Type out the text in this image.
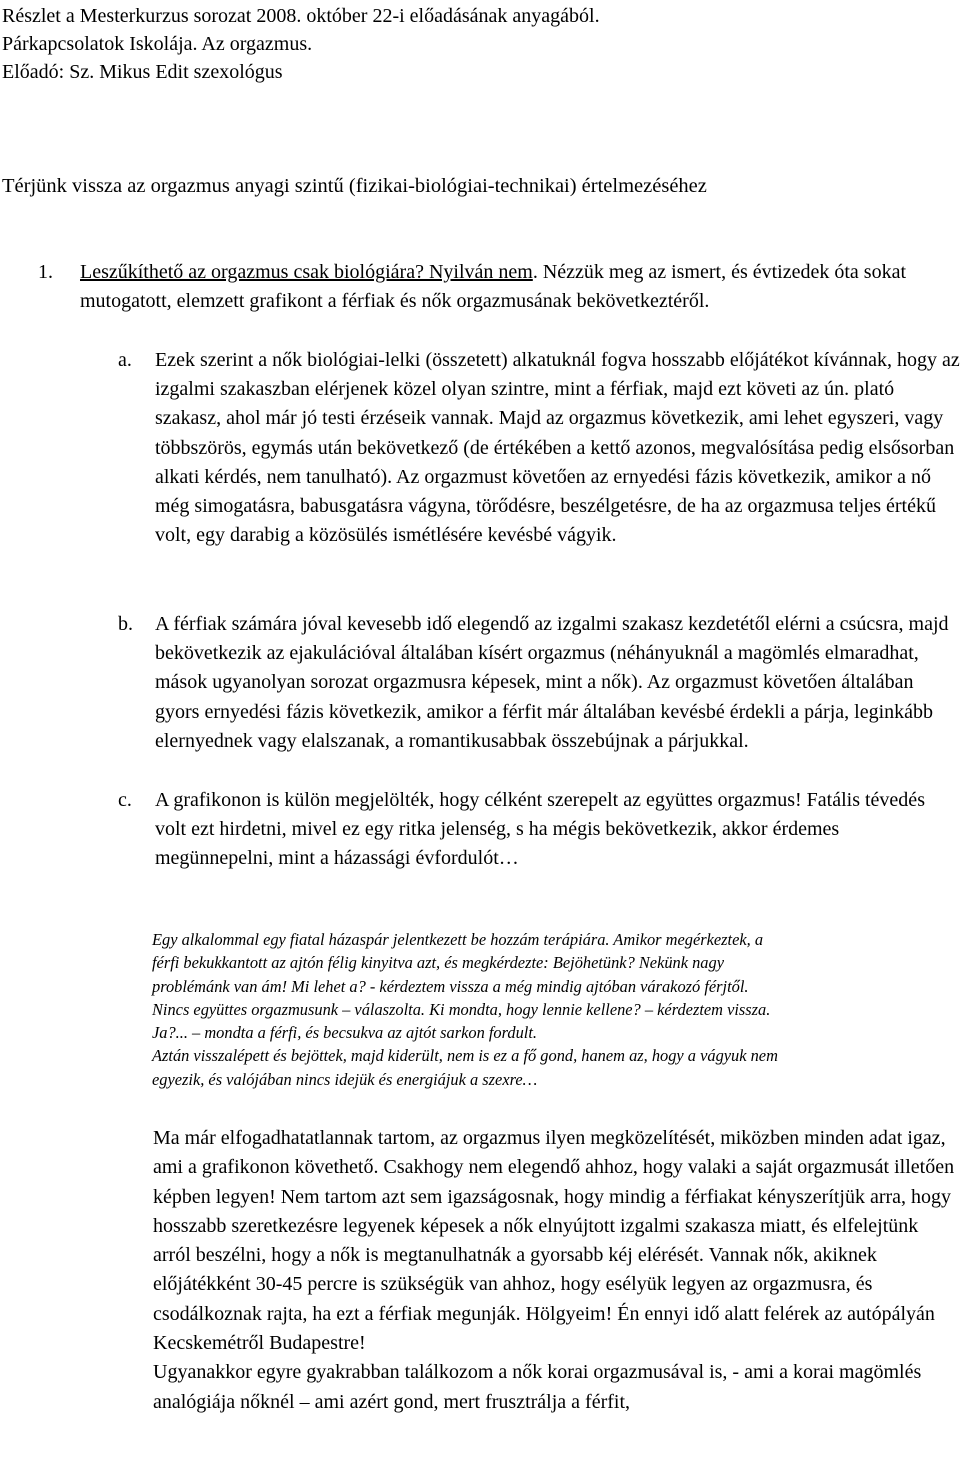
Részlet a Mesterkurzus sorozat 2008. október 22-i előadásának anyagából.
Párkapcsolatok Iskolája. Az orgazmus.
Előadó: Sz. Mikus Edit szexológus
Térjünk vissza az orgazmus anyagi szintű (fizikai-biológiai-technikai) értelmezéséhez
1. Leszűkíthető az orgazmus csak biológiára? Nyilván nem. Nézzük meg az ismert, és évtizedek óta sokat mutogatott, elemzett grafikont a férfiak és nők orgazmusának bekövetkeztéről.
a. Ezek szerint a nők biológiai-lelki (összetett) alkatuknál fogva hosszabb előjátékot kívánnak, hogy az izgalmi szakaszban elérjenek közel olyan szintre, mint a férfiak, majd ezt követi az ún. plató szakasz, ahol már jó testi érzéseik vannak. Majd az orgazmus következik, ami lehet egyszeri, vagy többszörös, egymás után bekövetkező (de értékében a kettő azonos, megvalósítása pedig elsősorban alkati kérdés, nem tanulható). Az orgazmust követően az ernyedési fázis következik, amikor a nő még simogatásra, babusgatásra vágyna, törődésre, beszélgetésre, de ha az orgazmusa teljes értékű volt, egy darabig a közösülés ismétlésére kevésbé vágyik.
b. A férfiak számára jóval kevesebb idő elegendő az izgalmi szakasz kezdetétől elérni a csúcsra, majd bekövetkezik az ejakulációval általában kísért orgazmus (néhányuknál a magömlés elmaradhat, mások ugyanolyan sorozat orgazmusra képesek, mint a nők). Az orgazmust követően általában gyors ernyedési fázis következik, amikor a férfit már általában kevésbé érdekli a párja, leginkább elernyednek vagy elalszanak, a romantikusabbak összebújnak a párjukkal.
c. A grafikonon is külön megjelölték, hogy célként szerepelt az együttes orgazmus! Fatális tévedés volt ezt hirdetni, mivel ez egy ritka jelenség, s ha mégis bekövetkezik, akkor érdemes megünnepelni, mint a házassági évfordulót…
Egy alkalommal egy fiatal házaspár jelentkezett be hozzám terápiára. Amikor megérkeztek, a
férfi bekukkantott az ajtón félig kinyitva azt, és megkérdezte: Bejöhetünk? Nekünk nagy
problémánk van ám! Mi lehet a? - kérdeztem vissza a még mindig ajtóban várakozó férjtől.
Nincs együttes orgazmusunk – válaszolta. Ki mondta, hogy lennie kellene? – kérdeztem vissza.
Ja?... – mondta a férfi, és becsukva az ajtót sarkon fordult.
Aztán visszalépett és bejöttek, majd kiderült, nem is ez a fő gond, hanem az, hogy a vágyuk nem
egyezik, és valójában nincs idejük és energiájuk a szexre…

Ma már elfogadhatatlannak tartom, az orgazmus ilyen megközelítését, miközben minden adat igaz, ami a grafikonon követhető. Csakhogy nem elegendő ahhoz, hogy valaki a saját orgazmusát illetően képben legyen! Nem tartom azt sem igazságosnak, hogy mindig a férfiakat kényszerítjük arra, hogy hosszabb szeretkezésre legyenek képesek a nők elnyújtott izgalmi szakasza miatt, és elfelejtünk arról beszélni, hogy a nők is megtanulhatnák a gyorsabb kéj elérését. Vannak nők, akiknek előjátékként 30-45 percre is szükségük van ahhoz, hogy esélyük legyen az orgazmusra, és csodálkoznak rajta, ha ezt a férfiak megunják. Hölgyeim! Én ennyi idő alatt felérek az autópályán Kecskemétről Budapestre!

Ugyanakkor egyre gyakrabban találkozom a nők korai orgazmusával is, - ami a korai magömlés analógiája nőknél – ami azért gond, mert frusztrálja a férfit,
